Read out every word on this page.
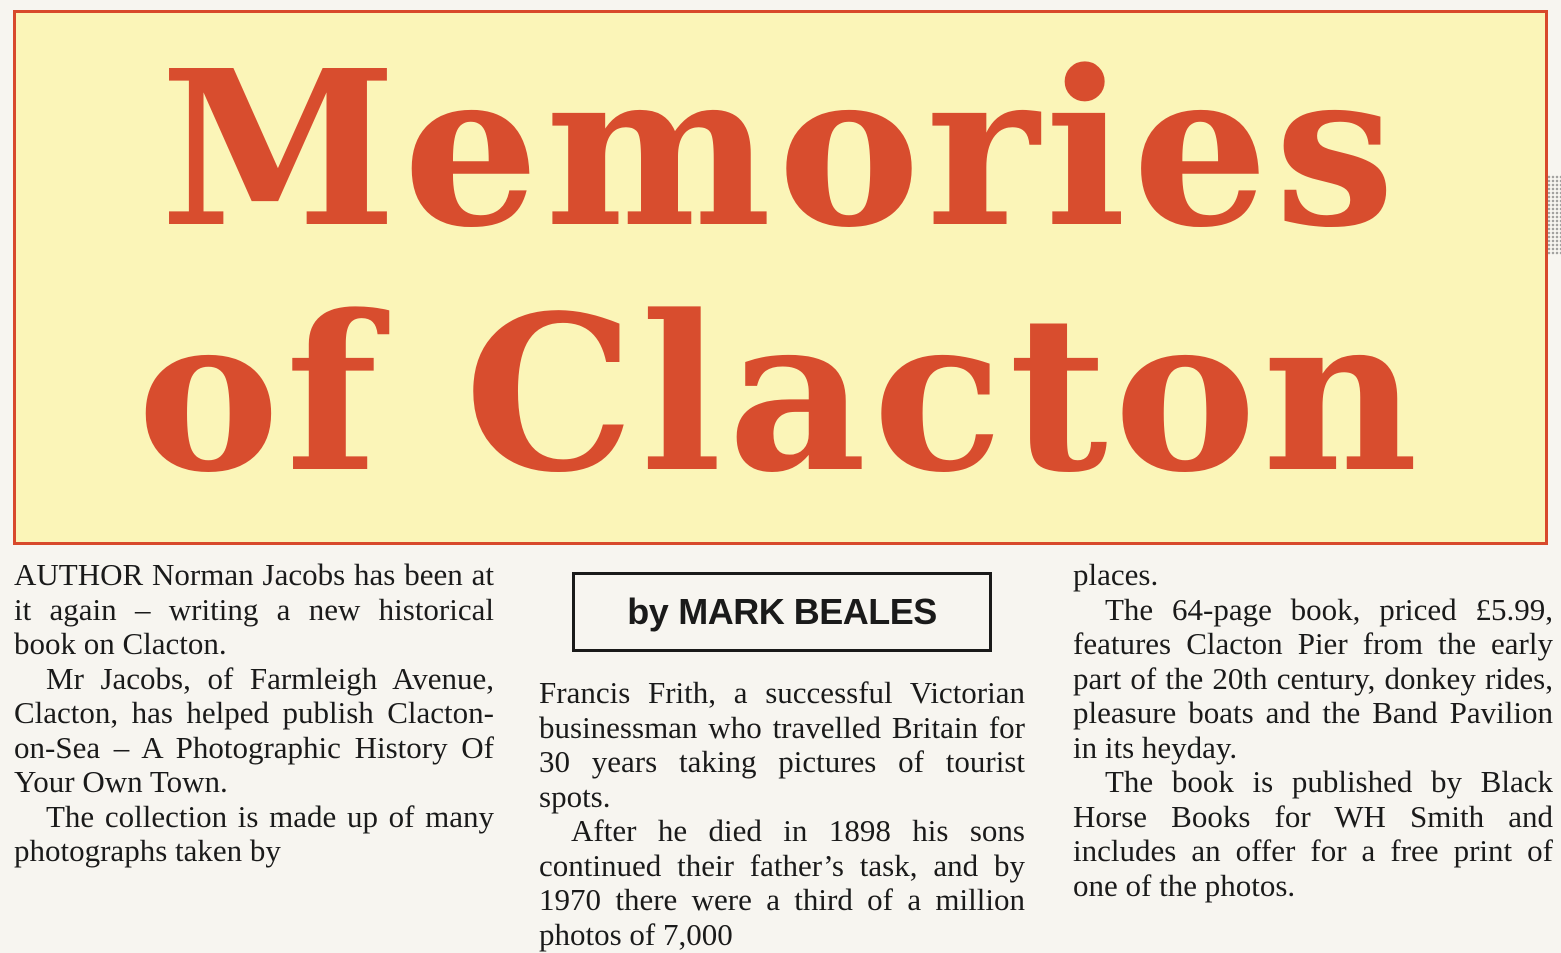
Memories
of Clacton

AUTHOR Norman Jacobs has been at it again – writing a new historical book on Clacton.

Mr Jacobs, of Farmleigh Avenue, Clacton, has helped publish Clacton-on-Sea – A Photographic History Of Your Own Town.

The collection is made up of many photographs taken by

by MARK BEALES

Francis Frith, a successful Victorian businessman who travelled Britain for 30 years taking pictures of tourist spots.

After he died in 1898 his sons continued their father’s task, and by 1970 there were a third of a million photos of 7,000

places.

The 64-page book, priced £5.99, features Clacton Pier from the early part of the 20th century, donkey rides, pleasure boats and the Band Pavilion in its heyday.

The book is published by Black Horse Books for WH Smith and includes an offer for a free print of one of the photos.
